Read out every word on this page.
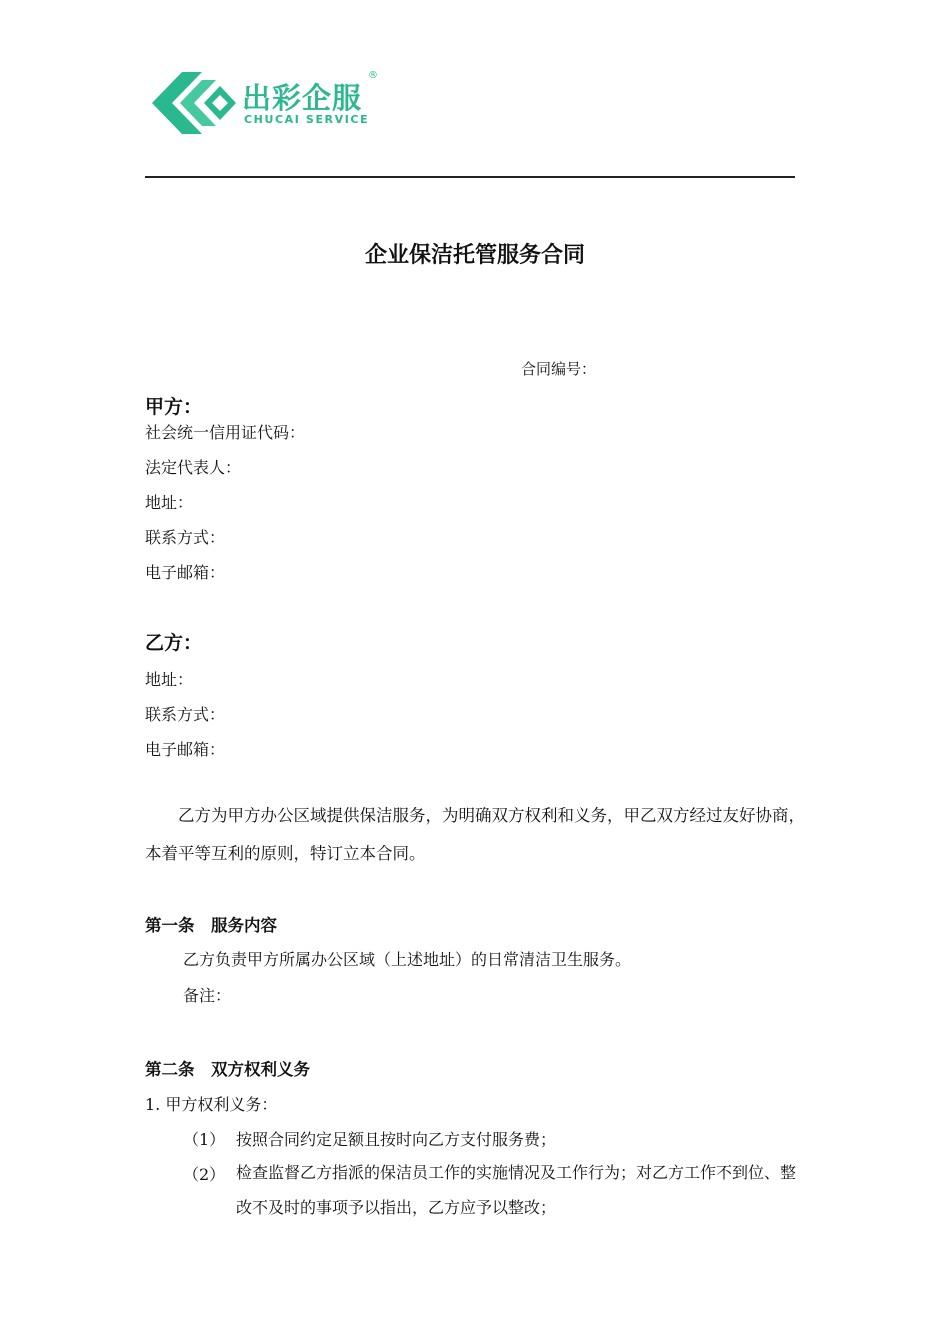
出彩企服
®
CHUCAI SERVICE
企业保洁托管服务合同
合同编号：
甲方：
社会统一信用证代码：
法定代表人：
地址：
联系方式：
电子邮箱：
乙方：
地址：
联系方式：
电子邮箱：
乙方为甲方办公区域提供保洁服务，为明确双方权利和义务，甲乙双方经过友好协商，本着平等互利的原则，特订立本合同。
第一条　服务内容
乙方负责甲方所属办公区域（上述地址）的日常清洁卫生服务。
备注：
第二条　双方权利义务
1. 甲方权利义务：
（1） 按照合同约定足额且按时向乙方支付服务费；
（2） 检查监督乙方指派的保洁员工作的实施情况及工作行为；对乙方工作不到位、整改不及时的事项予以指出，乙方应予以整改；
